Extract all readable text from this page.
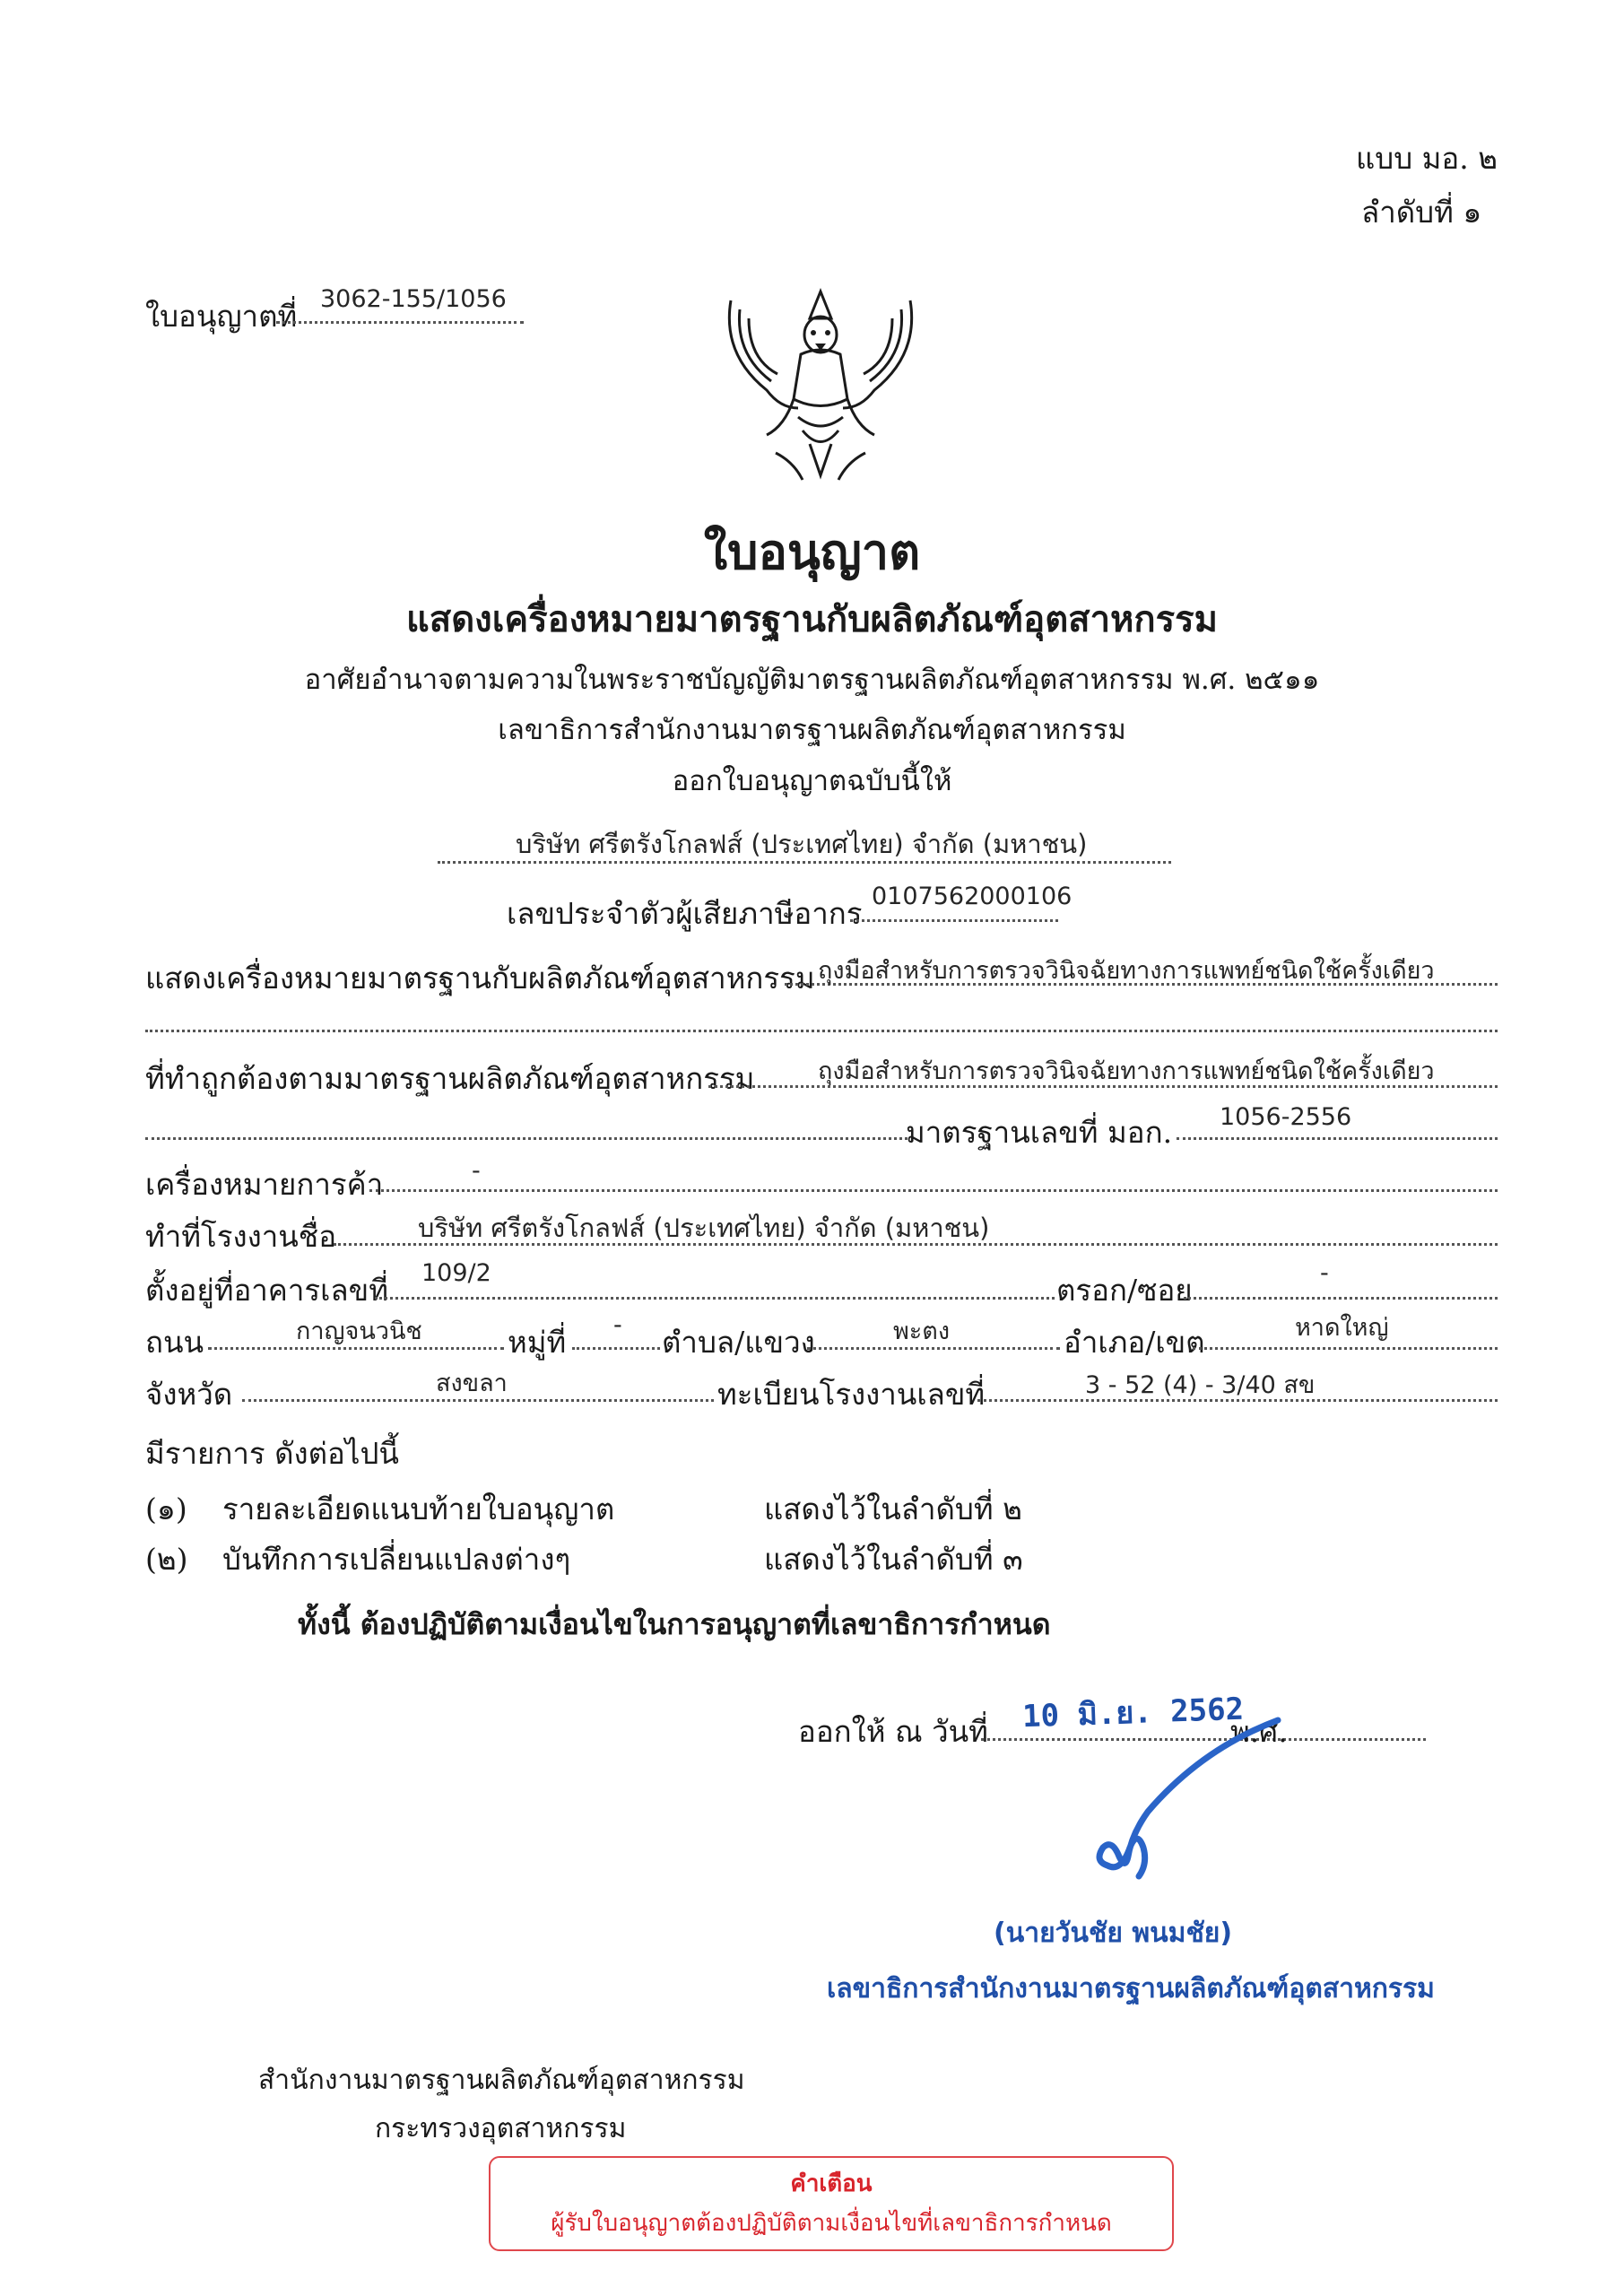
แบบ มอ. ๒
ลำดับที่ ๑
ใบอนุญาตที่ 3062-155/1056
ใบอนุญาต
แสดงเครื่องหมายมาตรฐานกับผลิตภัณฑ์อุตสาหกรรม
อาศัยอำนาจตามความในพระราชบัญญัติมาตรฐานผลิตภัณฑ์อุตสาหกรรม พ.ศ. ๒๕๑๑
เลขาธิการสำนักงานมาตรฐานผลิตภัณฑ์อุตสาหกรรม
ออกใบอนุญาตฉบับนี้ให้
บริษัท ศรีตรังโกลฟส์ (ประเทศไทย) จำกัด (มหาชน)
เลขประจำตัวผู้เสียภาษีอากร 0107562000106
แสดงเครื่องหมายมาตรฐานกับผลิตภัณฑ์อุตสาหกรรม ถุงมือสำหรับการตรวจวินิจฉัยทางการแพทย์ชนิดใช้ครั้งเดียว
ที่ทำถูกต้องตามมาตรฐานผลิตภัณฑ์อุตสาหกรรม	ถุงมือสำหรับการตรวจวินิจฉัยทางการแพทย์ชนิดใช้ครั้งเดียว
มาตรฐานเลขที่ มอก. 1056-2556
เครื่องหมายการค้า	-
ทำที่โรงงานชื่อ	บริษัท ศรีตรังโกลฟส์ (ประเทศไทย) จำกัด (มหาชน)
ตั้งอยู่ที่อาคารเลขที่ 109/2	ตรอก/ซอย	-
ถนน	กาญจนวนิช	หมู่ที่ - ตำบล/แขวง	พะตง	อำเภอ/เขต	หาดใหญ่
จังหวัด	สงขลา	ทะเบียนโรงงานเลขที่	3 - 52 (4) - 3/40 สข
มีรายการ ดังต่อไปนี้
(๑) รายละเอียดแนบท้ายใบอนุญาต	แสดงไว้ในลำดับที่ ๒
(๒) บันทึกการเปลี่ยนแปลงต่างๆ	แสดงไว้ในลำดับที่ ๓
ทั้งนี้ ต้องปฏิบัติตามเงื่อนไขในการอนุญาตที่เลขาธิการกำหนด
ออกให้ ณ วันที่ 10 มิ.ย. 2562
พ.ศ.
(นายวันชัย พนมชัย)
เลขาธิการสำนักงานมาตรฐานผลิตภัณฑ์อุตสาหกรรม
สำนักงานมาตรฐานผลิตภัณฑ์อุตสาหกรรม
กระทรวงอุตสาหกรรม
คำเตือน
ผู้รับใบอนุญาตต้องปฏิบัติตามเงื่อนไขที่เลขาธิการกำหนด
